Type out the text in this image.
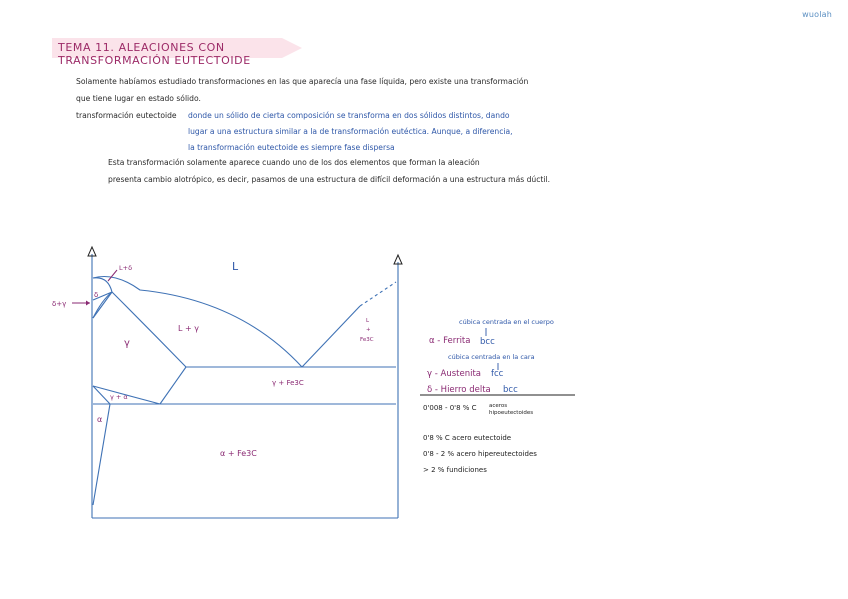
wuolah
TEMA 11. ALEACIONES CON TRANSFORMACIÓN EUTECTOIDE
Solamente habíamos estudiado transformaciones en las que aparecía una fase líquida, pero existe una transformación
que tiene lugar en estado sólido.
transformación eutectoide donde un sólido de cierta composición se transforma en dos sólidos distintos, dando
lugar a una estructura similar a la de transformación eutéctica. Aunque, a diferencia,
la transformación eutectoide es siempre fase dispersa
Esta transformación solamente aparece cuando uno de los dos elementos que forman la aleación
presenta cambio alotrópico, es decir, pasamos de una estructura de difícil deformación a una estructura más dúctil.
L
L+δ
δ
δ+γ
γ
L + γ
L
+
Fe3C
γ + Fe3C
γ + α
α
α + Fe3C
cúbica centrada en el cuerpo
α - Ferrita bcc
cúbica centrada en la cara
γ - Austenita fcc
δ - Hierro delta bcc
0'008 - 0'8 % C aceros
hipoeutectoides
0'8 % C acero eutectoide
0'8 - 2 % acero hipereutectoides
> 2 % fundiciones
